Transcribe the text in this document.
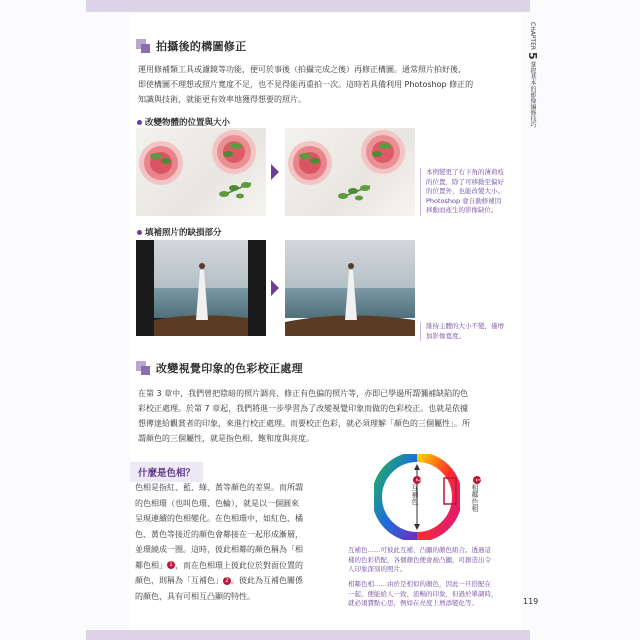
拍攝後的構圖修正
運用修補類工具或濾鏡等功能，便可於事後（拍攝完成之後）再修正構圖。通常照片拍好後，
即使構圖不理想或照片寬度不足，也不見得能再重拍一次。這時若具備利用 Photoshop 修正的
知識與技術，就能更有效率地獲得想要的照片。
改變物體的位置與大小
本例變更了右下角的薄荷枝
的位置，除了可移動至偏好
的位置外，也能改變大小。
Photoshop 會自動修補因
移動而產生的影像缺位。
填補照片的缺損部分
維持主體的大小不變，僅增
加影像寬度。
改變視覺印象的色彩校正處理
在第 3 章中，我們曾把陰暗的照片調亮、修正有色偏的照片等，亦即已學過所謂彌補缺陷的色
彩校正處理。於第 7 章起，我們將進一步學習為了改變視覺印象而做的色彩校正。也就是依據
想傳達給觀賞者的印象，來進行校正處理。而要校正色彩，就必須理解「顏色的三個屬性」。所
謂顏色的三個屬性，就是指色相、飽和度與亮度。
什麼是色相？
色相是指紅、藍、綠、黃等顏色的差異。而所謂
的色相環（也叫色環、色輪），就是以一個圓來
呈現連續的色相變化。在色相環中，如紅色、橘
色、黃色等接近的顏色會鄰接在一起形成漸層，
並環繞成一圈。這時，彼此相鄰的顏色稱為「相
鄰色相」 1 ，而在色相環上彼此位於對面位置的
顏色，則稱為「互補色」 2 。彼此為互補色關係
的顏色，具有可相互凸顯的特性。
2互補色
1相鄰色相
互補色……可彼此互補、凸顯的顏色組合。透過這
樣的色彩搭配，各個顏色便會被凸顯，可創造出令
人印象深刻的照片。
相鄰色相……由於是相似的顏色，因此一旦搭配在
一起，便能給人一致、流暢的印象，但過於單調時，
就必須費點心思，例如在亮度上增添變化等。
CHAPTER 5 掌握基本的影像編修技巧
119
